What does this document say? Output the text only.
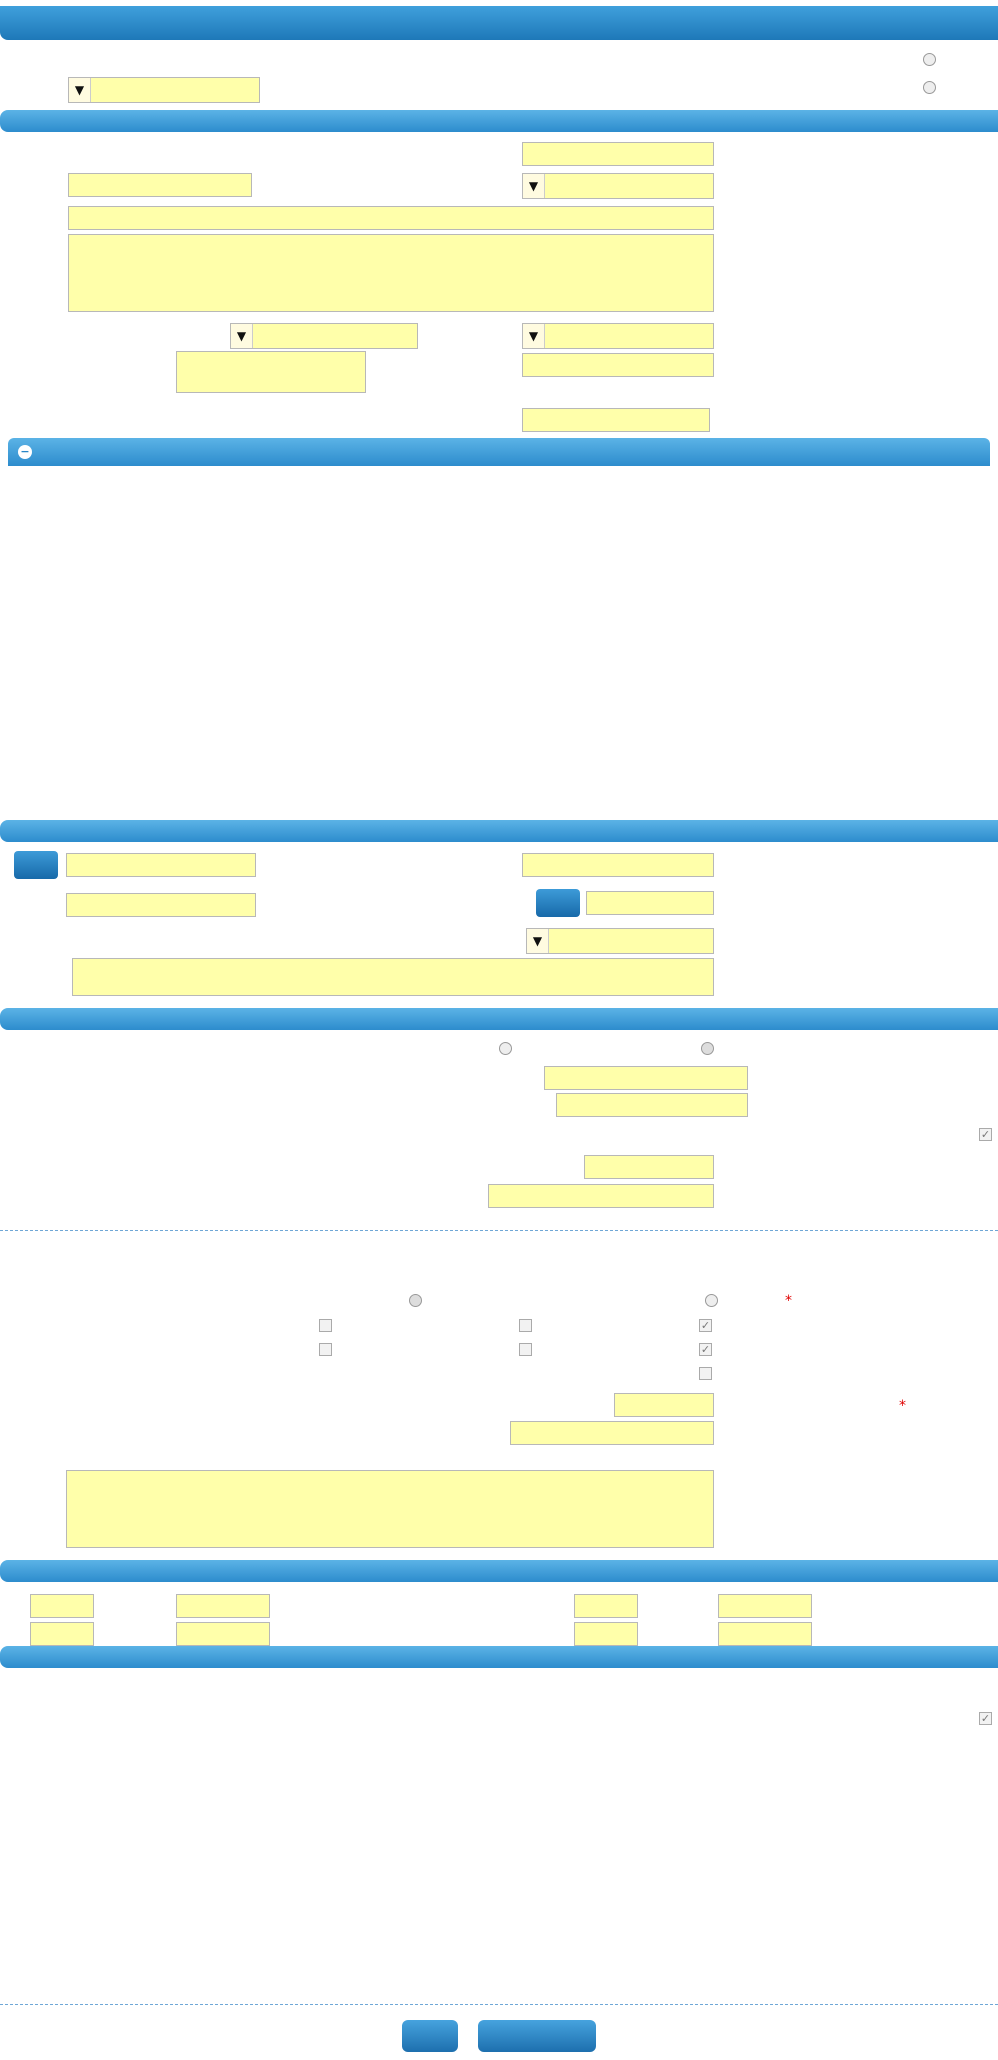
▼
▼
▼
▼
−
▼
✓
*
✓
✓
*
✓
